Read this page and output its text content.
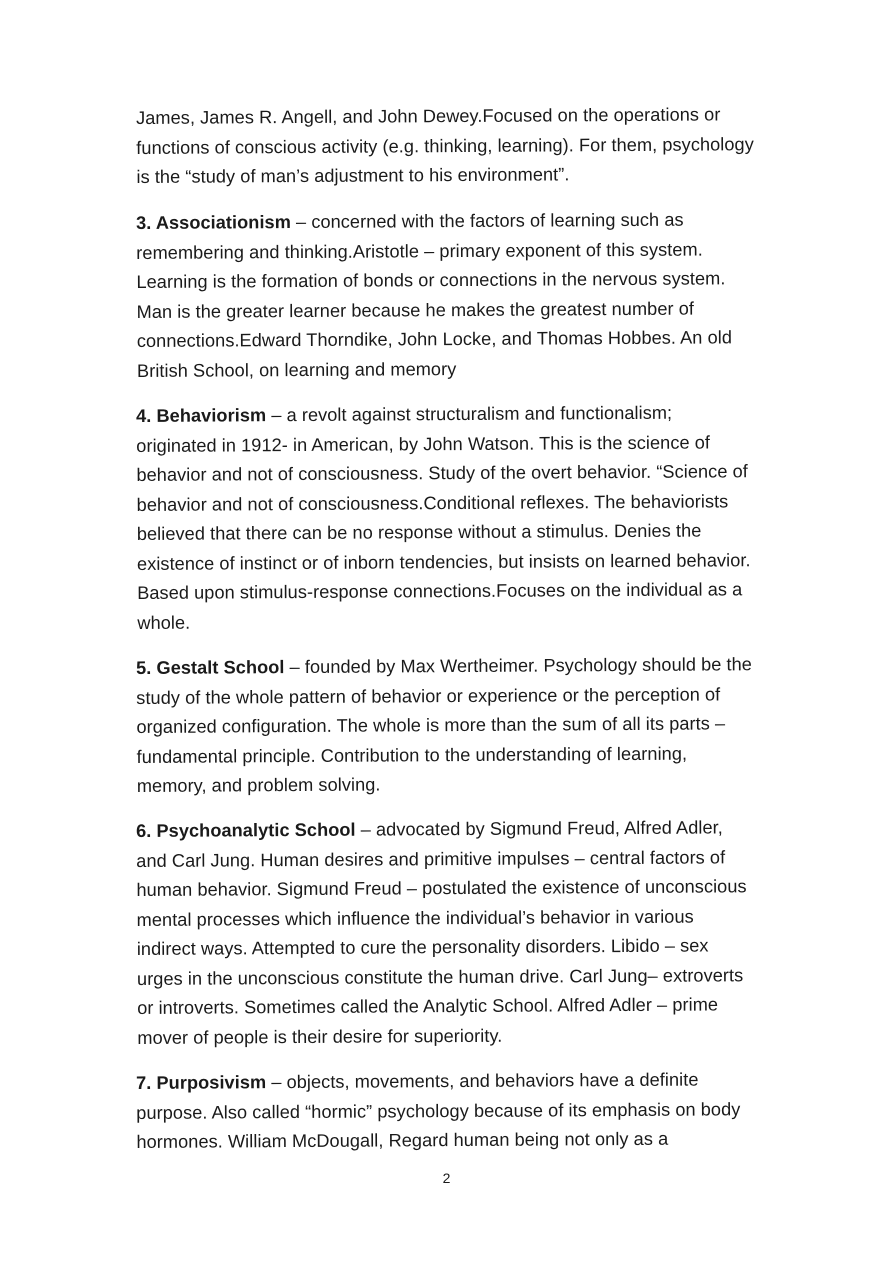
James, James R. Angell, and John Dewey.Focused on the operations or functions of conscious activity (e.g. thinking, learning). For them, psychology is the “study of man’s adjustment to his environment”.

3. Associationism – concerned with the factors of learning such as remembering and thinking.Aristotle – primary exponent of this system. Learning is the formation of bonds or connections in the nervous system. Man is the greater learner because he makes the greatest number of connections.Edward Thorndike, John Locke, and Thomas Hobbes. An old British School, on learning and memory

4. Behaviorism – a revolt against structuralism and functionalism; originated in 1912- in American, by John Watson. This is the science of behavior and not of consciousness. Study of the overt behavior. “Science of behavior and not of consciousness.Conditional reflexes. The behaviorists believed that there can be no response without a stimulus. Denies the existence of instinct or of inborn tendencies, but insists on learned behavior. Based upon stimulus-response connections.Focuses on the individual as a whole.

5. Gestalt School – founded by Max Wertheimer. Psychology should be the study of the whole pattern of behavior or experience or the perception of organized configuration. The whole is more than the sum of all its parts – fundamental principle. Contribution to the understanding of learning, memory, and problem solving.

6. Psychoanalytic School – advocated by Sigmund Freud, Alfred Adler, and Carl Jung. Human desires and primitive impulses – central factors of human behavior. Sigmund Freud – postulated the existence of unconscious mental processes which influence the individual’s behavior in various indirect ways. Attempted to cure the personality disorders. Libido – sex urges in the unconscious constitute the human drive. Carl Jung– extroverts or introverts. Sometimes called the Analytic School. Alfred Adler – prime mover of people is their desire for superiority.

7. Purposivism – objects, movements, and behaviors have a definite purpose. Also called “hormic” psychology because of its emphasis on body hormones. William McDougall, Regard human being not only as a

2
